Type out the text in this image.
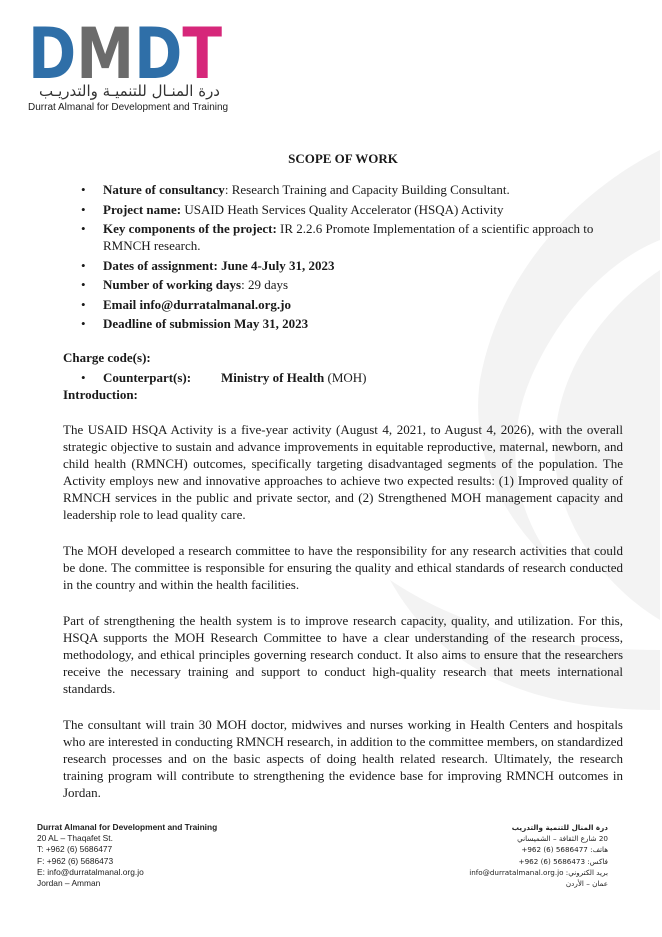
DMDT
درة المنـال للتنميـة والتدريـب
Durrat Almanal for Development and Training
SCOPE OF WORK
• Nature of consultancy: Research Training and Capacity Building Consultant.
• Project name: USAID Heath Services Quality Accelerator (HSQA) Activity
• Key components of the project: IR 2.2.6 Promote Implementation of a scientific approach to RMNCH research.
• Dates of assignment: June 4-July 31, 2023
• Number of working days: 29 days
• Email info@durratalmanal.org.jo
• Deadline of submission May 31, 2023
Charge code(s):
• Counterpart(s): Ministry of Health (MOH)
Introduction:

The USAID HSQA Activity is a five-year activity (August 4, 2021, to August 4, 2026), with the overall strategic objective to sustain and advance improvements in equitable reproductive, maternal, newborn, and child health (RMNCH) outcomes, specifically targeting disadvantaged segments of the population. The Activity employs new and innovative approaches to achieve two expected results: (1) Improved quality of RMNCH services in the public and private sector, and (2) Strengthened MOH management capacity and leadership role to lead quality care.

The MOH developed a research committee to have the responsibility for any research activities that could be done. The committee is responsible for ensuring the quality and ethical standards of research conducted in the country and within the health facilities.

Part of strengthening the health system is to improve research capacity, quality, and utilization. For this, HSQA supports the MOH Research Committee to have a clear understanding of the research process, methodology, and ethical principles governing research conduct. It also aims to ensure that the researchers receive the necessary training and support to conduct high-quality research that meets international standards.

The consultant will train 30 MOH doctor, midwives and nurses working in Health Centers and hospitals who are interested in conducting RMNCH research, in addition to the committee members, on standardized research processes and on the basic aspects of doing health related research. Ultimately, the research training program will contribute to strengthening the evidence base for improving RMNCH outcomes in Jordan.

Durrat Almanal for Development and Training
20 AL – Thaqafet St.
T: +962 (6) 5686477
F: +962 (6) 5686473
E: info@durratalmanal.org.jo
Jordan – Amman
درة المنال للتنمية والتدريب
20 شارع الثقافة – الشميساني
هاتف: 5686477 (6) 962+
فاكس: 5686473 (6) 962+
بريد الكتروني: info@durratalmanal.org.jo
عمان – الأردن
